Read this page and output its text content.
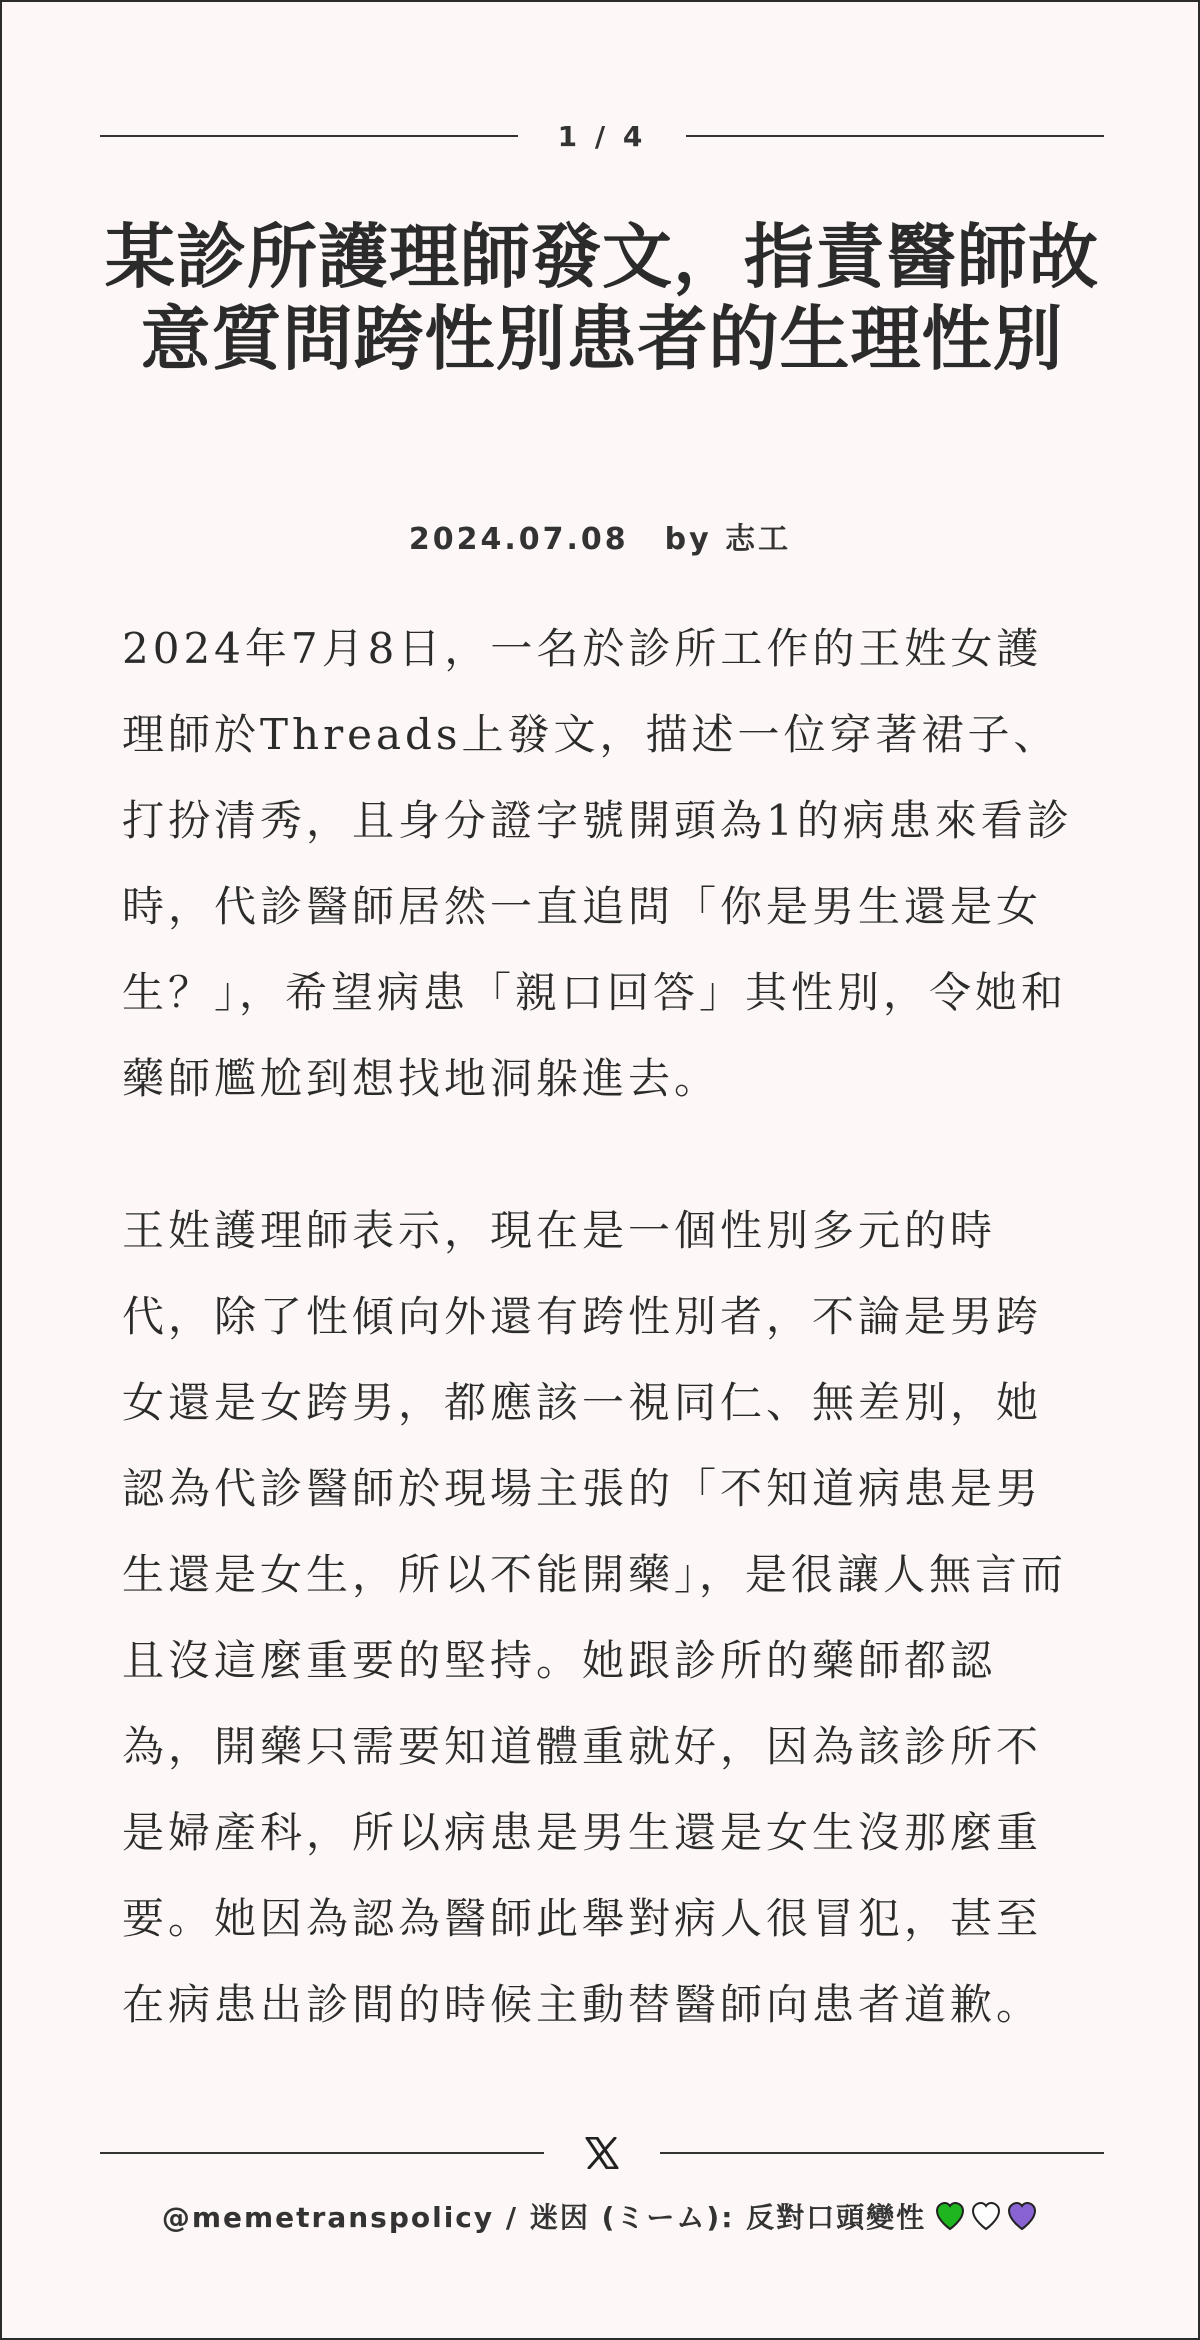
1 / 4
某診所護理師發文，指責醫師故意質問跨性別患者的生理性別
2024.07.08 by 志工

2024年7月8日，一名於診所工作的王姓女護理師於Threads上發文，描述一位穿著裙子、打扮清秀，且身分證字號開頭為1的病患來看診時，代診醫師居然一直追問「你是男生還是女生？」，希望病患「親口回答」其性別，令她和藥師尷尬到想找地洞躲進去。

王姓護理師表示，現在是一個性別多元的時代，除了性傾向外還有跨性別者，不論是男跨女還是女跨男，都應該一視同仁、無差別，她認為代診醫師於現場主張的「不知道病患是男生還是女生，所以不能開藥」，是很讓人無言而且沒這麼重要的堅持。她跟診所的藥師都認為，開藥只需要知道體重就好，因為該診所不是婦產科，所以病患是男生還是女生沒那麼重要。她因為認為醫師此舉對病人很冒犯，甚至在病患出診間的時候主動替醫師向患者道歉。

@memetranspolicy / 迷因 (ミーム): 反對口頭變性
